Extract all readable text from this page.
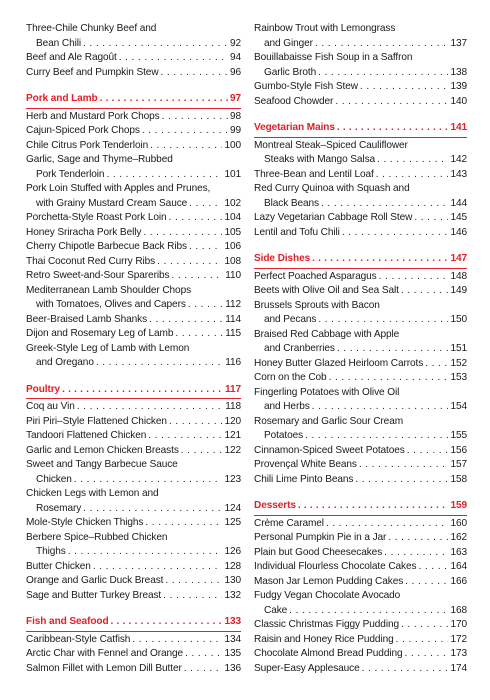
Three-Chile Chunky Beef and
Bean Chili . . .	92
Beef and Ale Ragoût . . .	94
Curry Beef and Pumpkin Stew . . .	96
Pork and Lamb . . .	97
Herb and Mustard Pork Chops . . .	98
Cajun-Spiced Pork Chops . . .	99
Chile Citrus Pork Tenderloin . . .	100
Garlic, Sage and Thyme–Rubbed
Pork Tenderloin . . .	101
Pork Loin Stuffed with Apples and Prunes,
with Grainy Mustard Cream Sauce . . .	102
Porchetta-Style Roast Pork Loin . . .	104
Honey Sriracha Pork Belly . . .	105
Cherry Chipotle Barbecue Back Ribs . . .	106
Thai Coconut Red Curry Ribs . . .	108
Retro Sweet-and-Sour Spareribs . . .	110
Mediterranean Lamb Shoulder Chops
with Tomatoes, Olives and Capers . . .	112
Beer-Braised Lamb Shanks . . .	114
Dijon and Rosemary Leg of Lamb . . .	115
Greek-Style Leg of Lamb with Lemon
and Oregano . . .	116
Poultry . . .	117
Coq au Vin . . .	118
Piri Piri–Style Flattened Chicken . . .	120
Tandoori Flattened Chicken . . .	121
Garlic and Lemon Chicken Breasts . . .	122
Sweet and Tangy Barbecue Sauce
Chicken . . .	123
Chicken Legs with Lemon and
Rosemary . . .	124
Mole-Style Chicken Thighs . . .	125
Berbere Spice–Rubbed Chicken
Thighs . . .	126
Butter Chicken . . .	128
Orange and Garlic Duck Breast . . .	130
Sage and Butter Turkey Breast . . .	132
Fish and Seafood . . .	133
Caribbean-Style Catfish . . .	134
Arctic Char with Fennel and Orange . . .	135
Salmon Fillet with Lemon Dill Butter . . .	136
Rainbow Trout with Lemongrass
and Ginger . . .	137
Bouillabaisse Fish Soup in a Saffron
Garlic Broth . . .	138
Gumbo-Style Fish Stew . . .	139
Seafood Chowder . . .	140
Vegetarian Mains . . .	141
Montreal Steak–Spiced Cauliflower
Steaks with Mango Salsa . . .	142
Three-Bean and Lentil Loaf . . .	143
Red Curry Quinoa with Squash and
Black Beans . . .	144
Lazy Vegetarian Cabbage Roll Stew . . .	145
Lentil and Tofu Chili . . .	146
Side Dishes . . .	147
Perfect Poached Asparagus . . .	148
Beets with Olive Oil and Sea Salt . . .	149
Brussels Sprouts with Bacon
and Pecans . . .	150
Braised Red Cabbage with Apple
and Cranberries . . .	151
Honey Butter Glazed Heirloom Carrots . . .	152
Corn on the Cob . . .	153
Fingerling Potatoes with Olive Oil
and Herbs . . .	154
Rosemary and Garlic Sour Cream
Potatoes . . .	155
Cinnamon-Spiced Sweet Potatoes . . .	156
Provençal White Beans . . .	157
Chili Lime Pinto Beans . . .	158
Desserts . . .	159
Crème Caramel . . .	160
Personal Pumpkin Pie in a Jar . . .	162
Plain but Good Cheesecakes . . .	163
Individual Flourless Chocolate Cakes . . .	164
Mason Jar Lemon Pudding Cakes . . .	166
Fudgy Vegan Chocolate Avocado
Cake . . .	168
Classic Christmas Figgy Pudding . . .	170
Raisin and Honey Rice Pudding . . .	172
Chocolate Almond Bread Pudding . . .	173
Super-Easy Applesauce . . .	174
